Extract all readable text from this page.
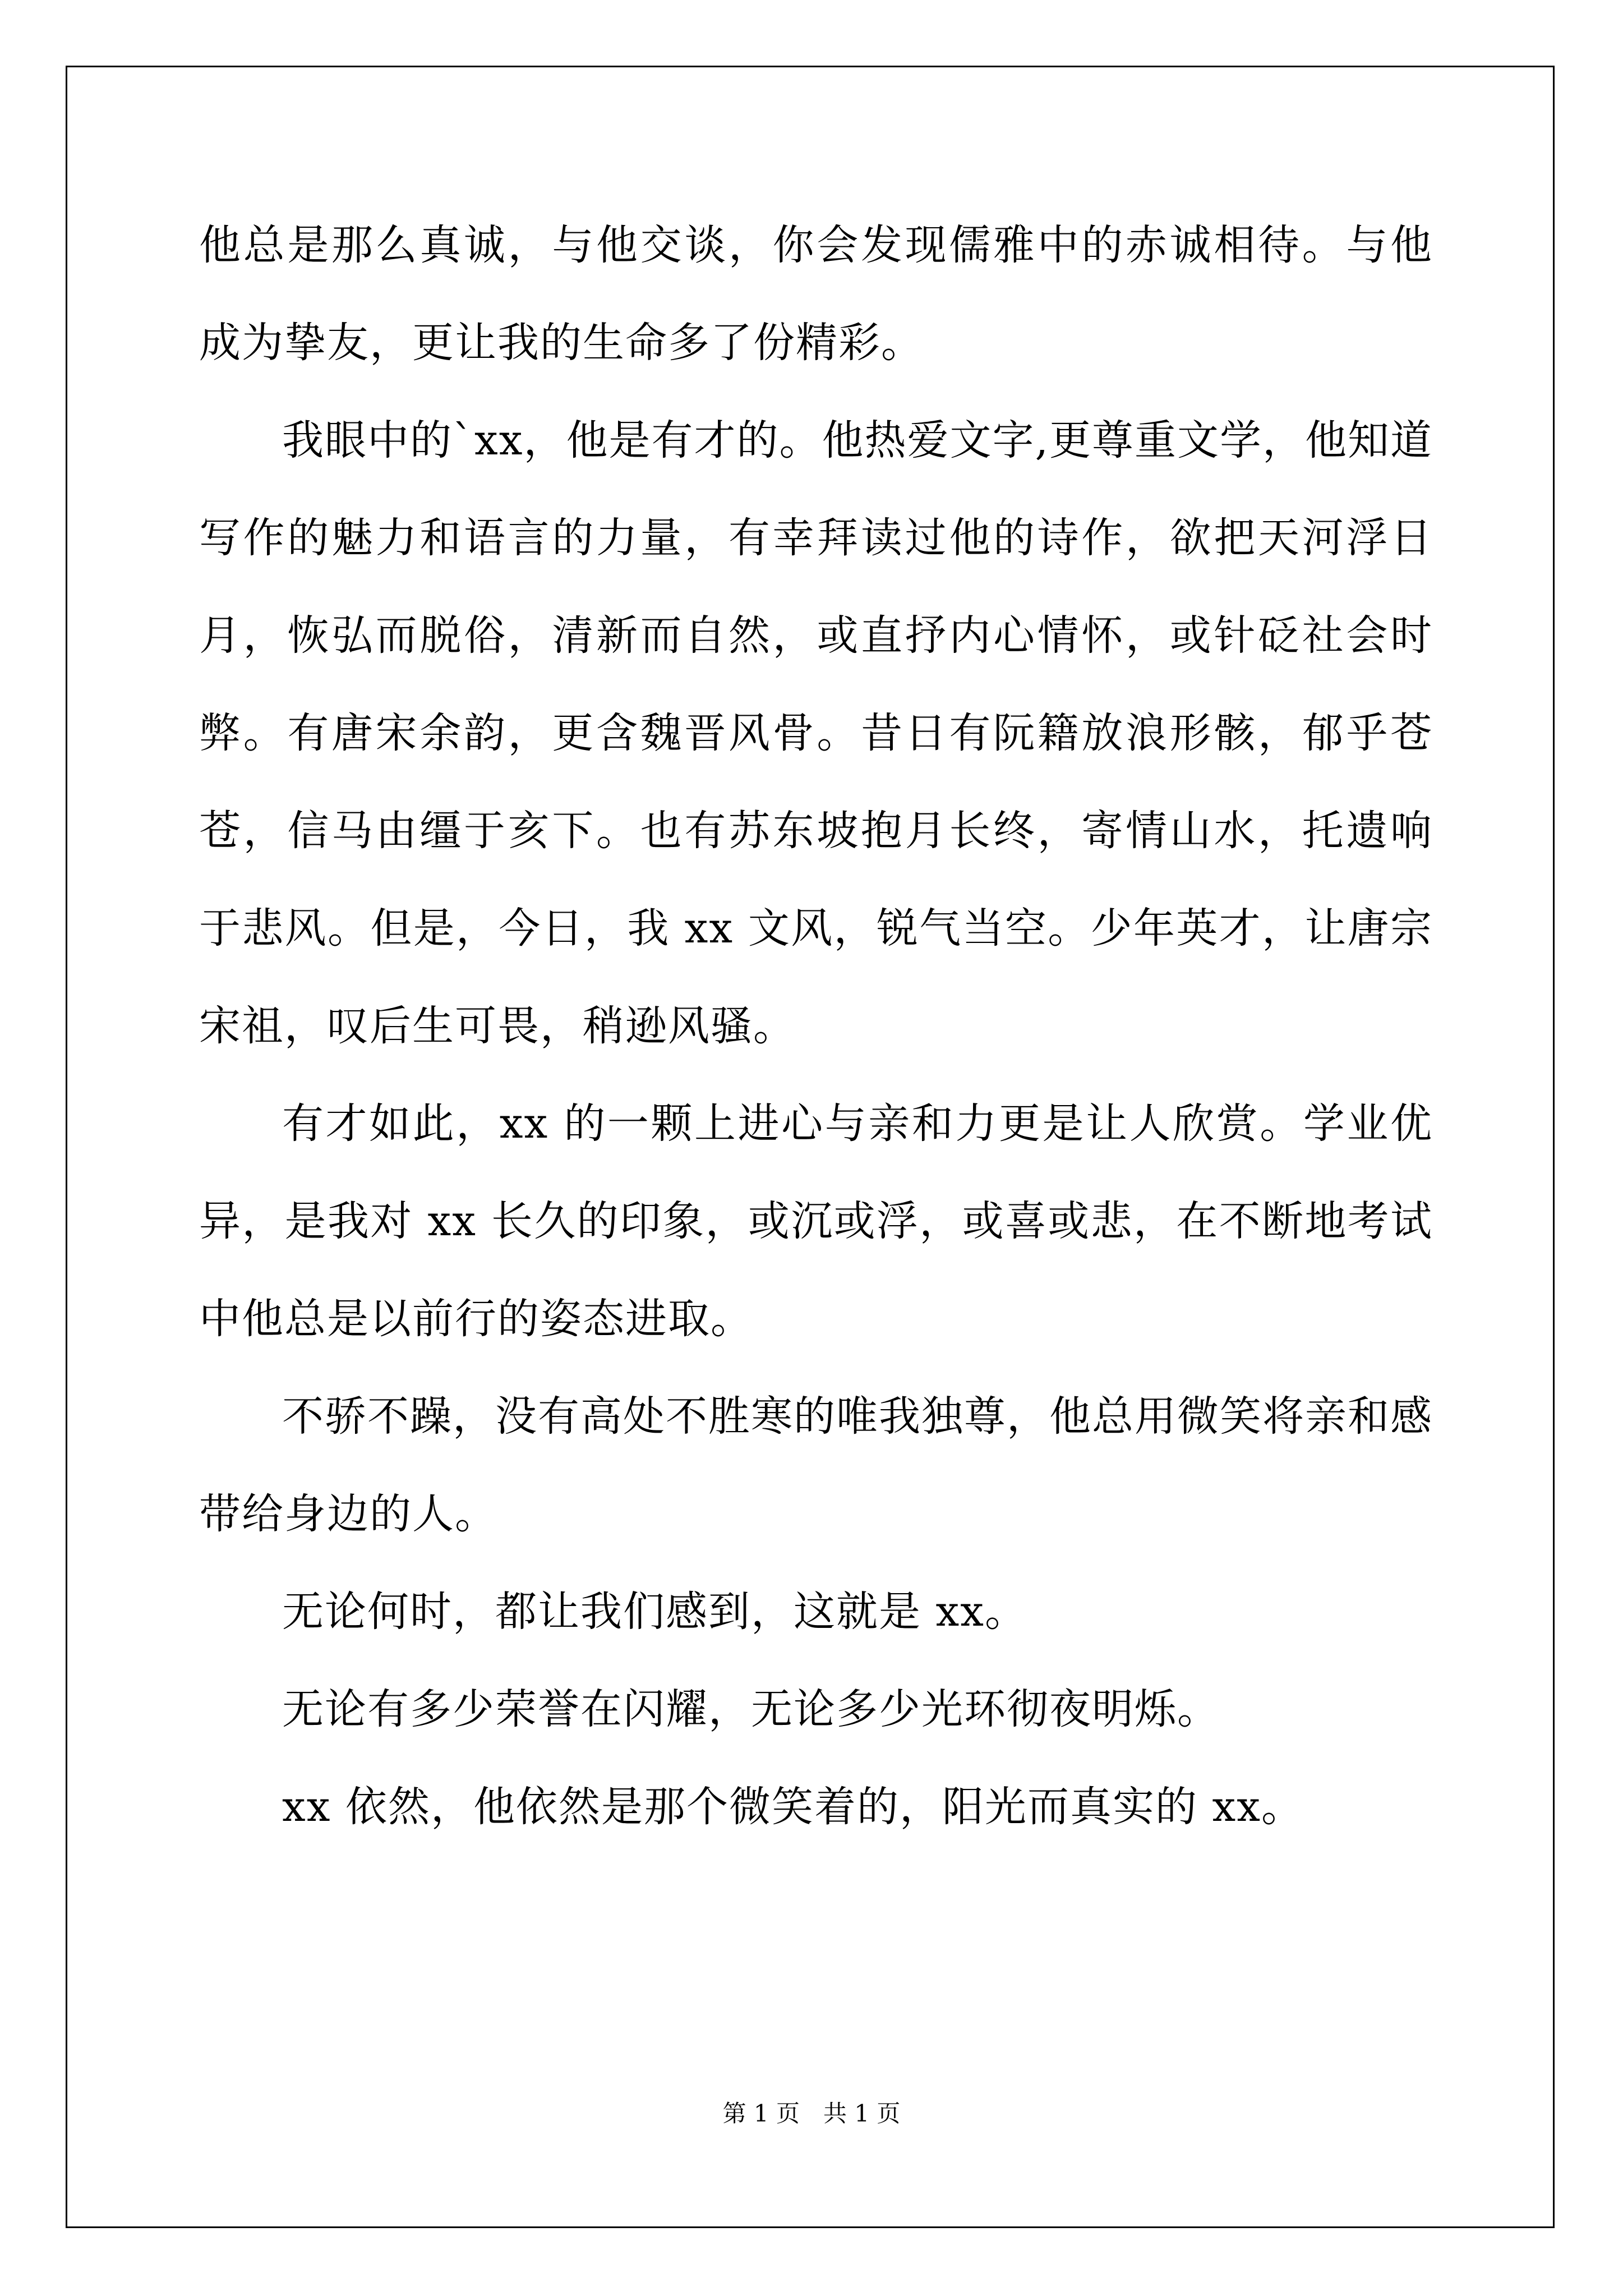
他总是那么真诚，与他交谈，你会发现儒雅中的赤诚相待。与他成为挚友，更让我的生命多了份精彩。

我眼中的`xx，他是有才的。他热爱文字,更尊重文学，他知道写作的魅力和语言的力量，有幸拜读过他的诗作，欲把天河浮日月，恢弘而脱俗，清新而自然，或直抒内心情怀，或针砭社会时弊。有唐宋余韵，更含魏晋风骨。昔日有阮籍放浪形骸，郁乎苍苍，信马由缰于亥下。也有苏东坡抱月长终，寄情山水，托遗响于悲风。但是，今日，我 xx 文风，锐气当空。少年英才，让唐宗宋祖，叹后生可畏，稍逊风骚。

有才如此，xx 的一颗上进心与亲和力更是让人欣赏。学业优异，是我对 xx 长久的印象，或沉或浮，或喜或悲，在不断地考试中他总是以前行的姿态进取。

不骄不躁，没有高处不胜寒的唯我独尊，他总用微笑将亲和感带给身边的人。

无论何时，都让我们感到，这就是 xx。

无论有多少荣誉在闪耀，无论多少光环彻夜明烁。

xx 依然，他依然是那个微笑着的，阳光而真实的 xx。

第 1 页　共 1 页
